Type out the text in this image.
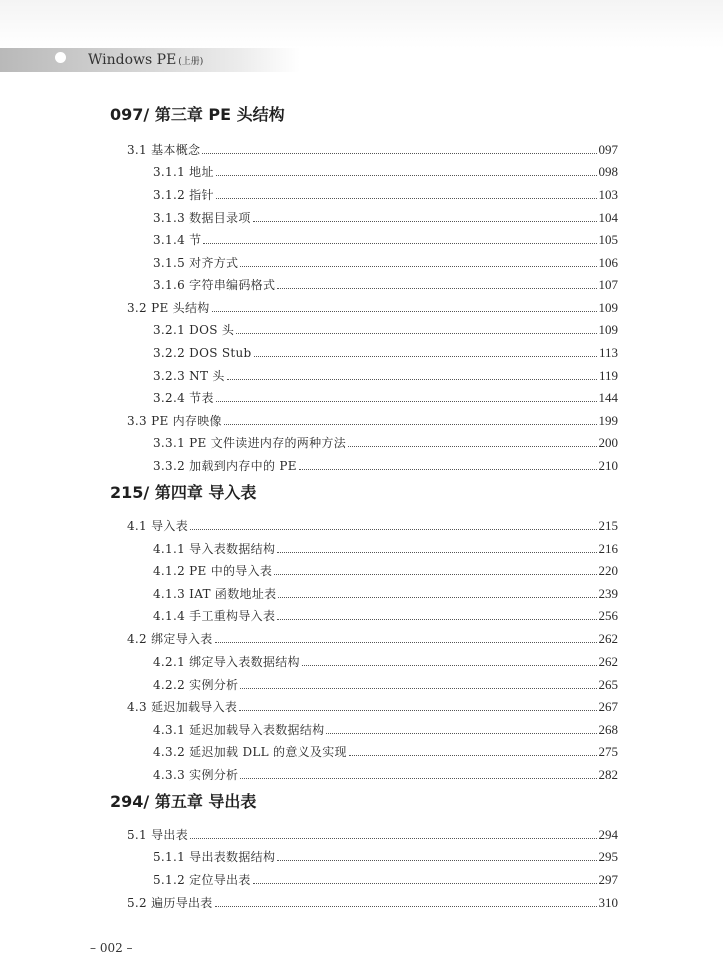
Windows PE (上册)
097/ 第三章 PE 头结构
3.1 基本概念	097
3.1.1 地址	098
3.1.2 指针	103
3.1.3 数据目录项	104
3.1.4 节	105
3.1.5 对齐方式	106
3.1.6 字符串编码格式	107
3.2 PE 头结构	109
3.2.1 DOS 头	109
3.2.2 DOS Stub	113
3.2.3 NT 头	119
3.2.4 节表	144
3.3 PE 内存映像	199
3.3.1 PE 文件读进内存的两种方法	200
3.3.2 加载到内存中的 PE	210
215/ 第四章 导入表
4.1 导入表	215
4.1.1 导入表数据结构	216
4.1.2 PE 中的导入表	220
4.1.3 IAT 函数地址表	239
4.1.4 手工重构导入表	256
4.2 绑定导入表	262
4.2.1 绑定导入表数据结构	262
4.2.2 实例分析	265
4.3 延迟加载导入表	267
4.3.1 延迟加载导入表数据结构	268
4.3.2 延迟加载 DLL 的意义及实现	275
4.3.3 实例分析	282
294/ 第五章 导出表
5.1 导出表	294
5.1.1 导出表数据结构	295
5.1.2 定位导出表	297
5.2 遍历导出表	310
– 002 –
